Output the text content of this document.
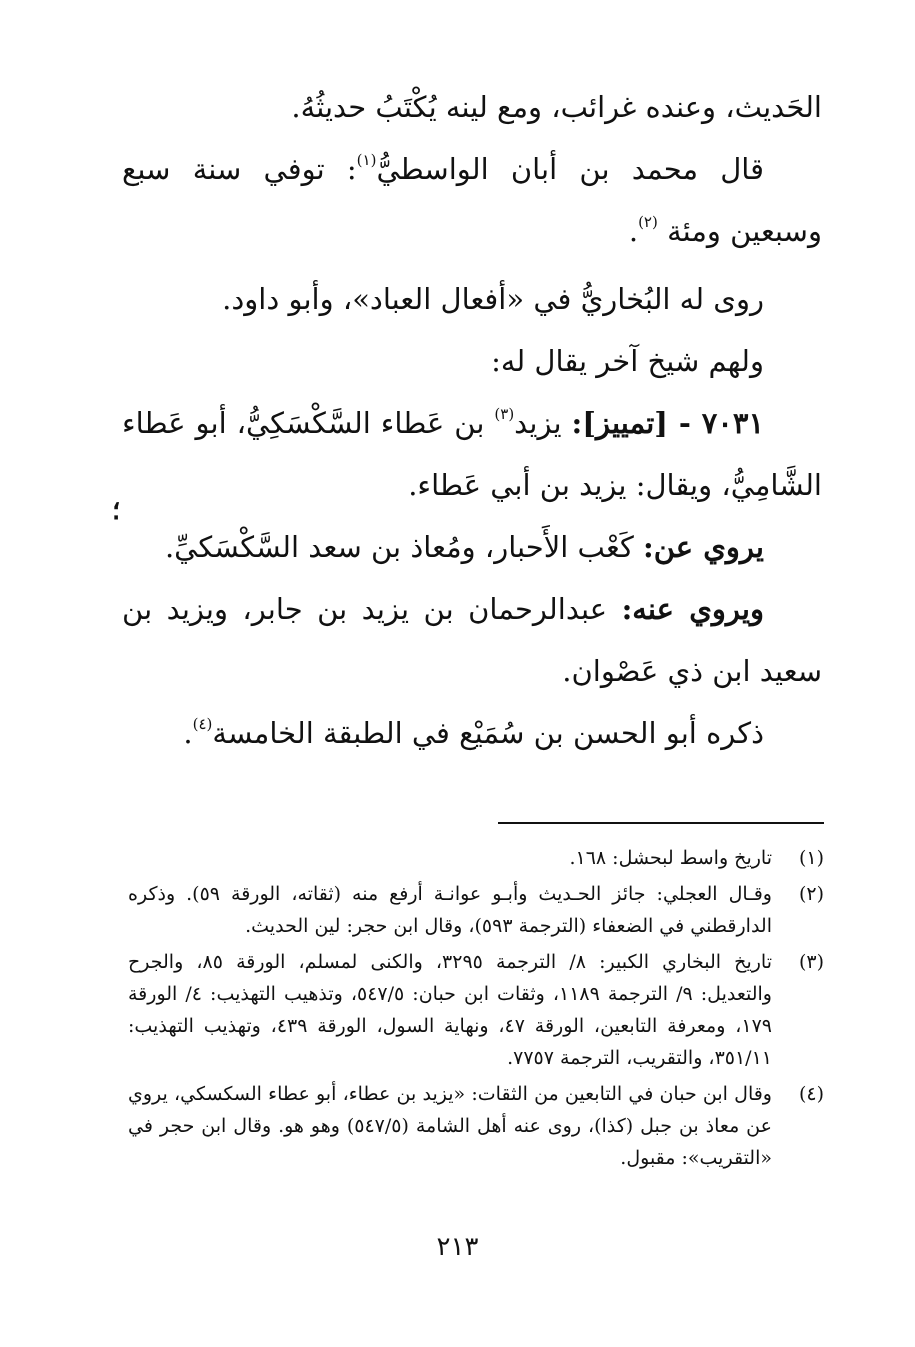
الحَديث، وعنده غرائب، ومع لينه يُكْتَبُ حديثُهُ.

قال محمد بن أبان الواسطيُّ$^{(١)}$: توفي سنة سبع وسبعين ومئة $^{(٢)}$.

روى له البُخاريُّ في «أفعال العباد»، وأبو داود.

ولهم شيخ آخر يقال له:

٧٠٣١ - [تمييز]: يزيد$^{(٣)}$ بن عَطاء السَّكْسَكِيُّ، أبو عَطاء الشَّامِيُّ، ويقال: يزيد بن أبي عَطاء.

يروي عن: كَعْب الأَحبار، ومُعاذ بن سعد السَّكْسَكيِّ.

ويروي عنه: عبدالرحمان بن يزيد بن جابر، ويزيد بن سعيد ابن ذي عَصْوان.

ذكره أبو الحسن بن سُمَيْع في الطبقة الخامسة$^{(٤)}$.

؛

(١)
تاريخ واسط لبحشل: ١٦٨.

(٢)
وقـال العجلي: جائز الحـديث وأبـو عوانـة أرفع منه (ثقاته، الورقة ٥٩). وذكره الدارقطني في الضعفاء (الترجمة ٥٩٣)، وقال ابن حجر: لين الحديث.

(٣)
تاريخ البخاري الكبير: ٨/ الترجمة ٣٢٩٥، والكنى لمسلم، الورقة ٨٥، والجرح والتعديل: ٩/ الترجمة ١١٨٩، وثقات ابن حبان: ٥٤٧/٥، وتذهيب التهذيب: ٤/ الورقة ١٧٩، ومعرفة التابعين، الورقة ٤٧، ونهاية السول، الورقة ٤٣٩، وتهذيب التهذيب: ٣٥١/١١، والتقريب، الترجمة ٧٧٥٧.

(٤)
وقال ابن حبان في التابعين من الثقات: «يزيد بن عطاء، أبو عطاء السكسكي، يروي عن معاذ بن جبل (كذا)، روى عنه أهل الشامة (٥٤٧/٥) وهو هو. وقال ابن حجر في «التقريب»: مقبول.

٢١٣
